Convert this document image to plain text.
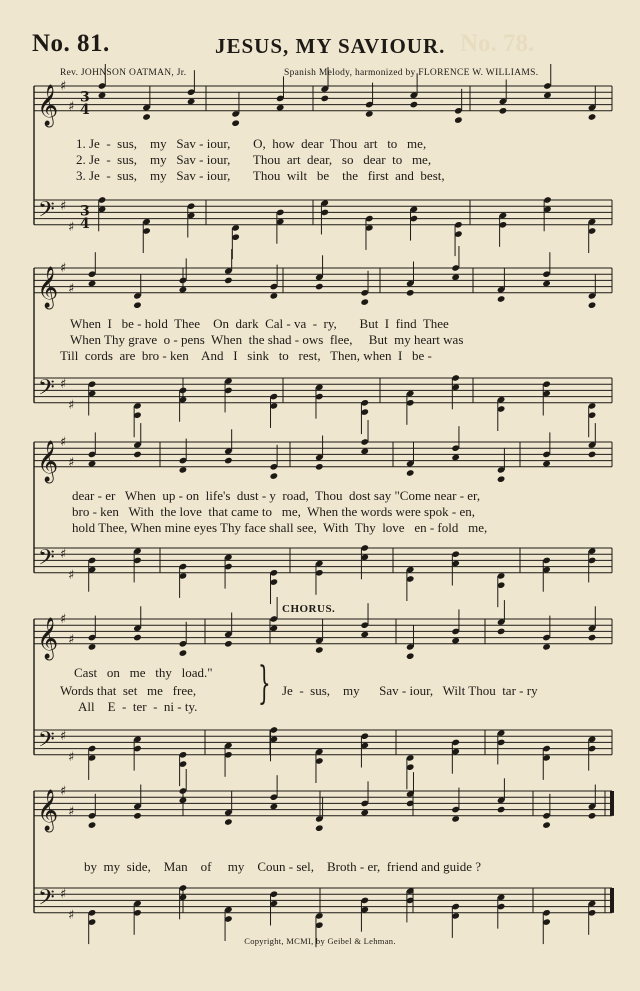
No. 81.	JESUS, MY SAVIOUR. No. 78.
Rev. JOHNSON OATMAN, Jr.	Spanish Melody, harmonized by FLORENCE W. WILLIAMS.
𝄞 ♯
♯
3
4
𝄢 ♯
♯
3
4
𝄞 ♯
♯
𝄢 ♯
♯
𝄞 ♯
♯
𝄢 ♯
♯
𝄞 ♯
♯
𝄢 ♯
♯
𝄞 ♯
♯
𝄢 ♯
♯
1. Je  -  sus,    my   Sav - iour,       O,  how  dear  Thou  art   to   me,
2. Je  -  sus,    my   Sav - iour,       Thou  art  dear,   so   dear  to   me,
3. Je  -  sus,    my   Sav - iour,       Thou  wilt   be    the   first  and  best,
When  I   be - hold  Thee    On  dark  Cal - va  -  ry,       But  I  find  Thee
When Thy grave  o - pens  When  the shad - ows  flee,     But  my heart was
Till  cords  are  bro - ken    And   I   sink   to   rest,   Then, when  I   be -
dear - er   When  up - on  life's  dust - y  road,  Thou  dost say "Come near - er,
bro - ken   With  the love  that came to   me,  When the words were spok - en,
hold Thee, When mine eyes Thy face shall see,  With  Thy  love   en - fold   me,
CHORUS.
Cast   on   me   thy   load."
Words that  set   me   free,
All    E  -  ter  -  ni - ty. } Je  -  sus,    my      Sav - iour,   Wilt Thou  tar - ry
by  my  side,    Man    of     my    Coun - sel,    Broth - er,  friend and guide ?
Copyright, MCMI, by Geibel & Lehman.
